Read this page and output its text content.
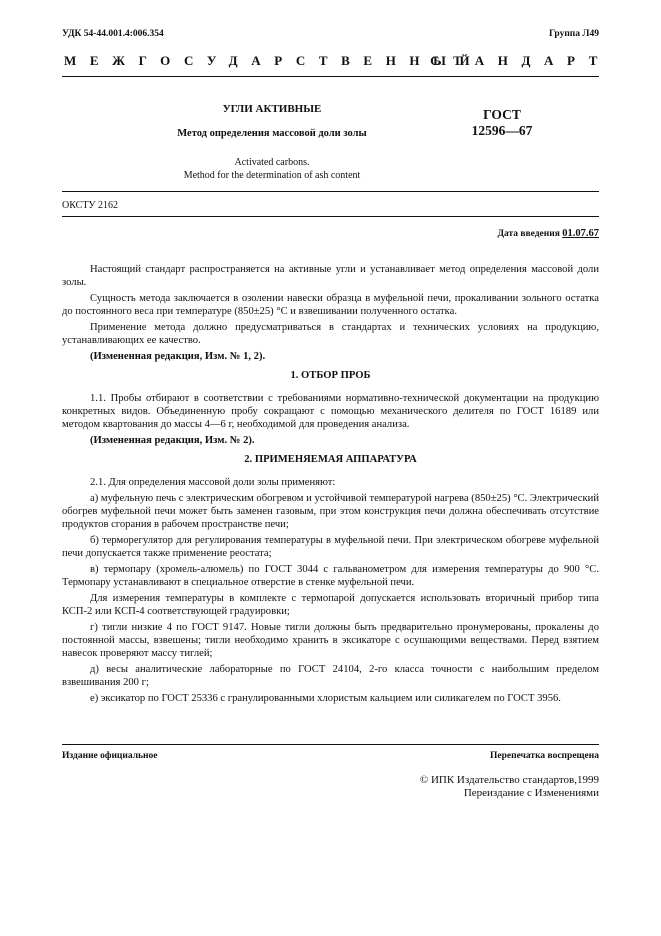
УДК 54-44.001.4:006.354	Группа Л49
МЕЖГОСУДАРСТВЕННЫЙ
СТАНДАРТ
УГЛИ АКТИВНЫЕ
Метод определения массовой доли золы
Activated carbons.
Method for the determination of ash content
ГОСТ
12596—67
ОКСТУ 2162
Дата введения 01.07.67

Настоящий стандарт распространяется на активные угли и устанавливает метод определения массовой доли золы.

Сущность метода заключается в озолении навески образца в муфельной печи, прокаливании зольного остатка до постоянного веса при температуре (850±25) °С и взвешивании полученного остатка.

Применение метода должно предусматриваться в стандартах и технических условиях на продукцию, устанавливающих ее качество.

(Измененная редакция, Изм. № 1, 2).

1. ОТБОР ПРОБ

1.1. Пробы отбирают в соответствии с требованиями нормативно-технической документации на продукцию конкретных видов. Объединенную пробу сокращают с помощью механического делителя по ГОСТ 16189 или методом квартования до массы 4—6 г, необходимой для проведения анализа.

(Измененная редакция, Изм. № 2).

2. ПРИМЕНЯЕМАЯ АППАРАТУРА

2.1. Для определения массовой доли золы применяют:

а) муфельную печь с электрическим обогревом и устойчивой температурой нагрева (850±25) °С. Электрический обогрев муфельной печи может быть заменен газовым, при этом конструкция печи должна обеспечивать отсутствие продуктов сгорания в рабочем пространстве печи;

б) терморегулятор для регулирования температуры в муфельной печи. При электрическом обогреве муфельной печи допускается также применение реостата;

в) термопару (хромель-алюмель) по ГОСТ 3044 с гальванометром для измерения температуры до 900 °С. Термопару устанавливают в специальное отверстие в стенке муфельной печи.

Для измерения температуры в комплекте с термопарой допускается использовать вторичный прибор типа КСП-2 или КСП-4 соответствующей градуировки;

г) тигли низкие 4 по ГОСТ 9147. Новые тигли должны быть предварительно пронумерованы, прокалены до постоянной массы, взвешены; тигли необходимо хранить в эксикаторе с осушающими веществами. Перед взятием навесок проверяют массу тиглей;

д) весы аналитические лабораторные по ГОСТ 24104, 2-го класса точности с наибольшим пределом взвешивания 200 г;

е) эксикатор по ГОСТ 25336 с гранулированными хлористым кальцием или силикагелем по ГОСТ 3956.

Издание официальное	Перепечатка воспрещена
© ИПК Издательство стандартов,1999
Переиздание с Изменениями
